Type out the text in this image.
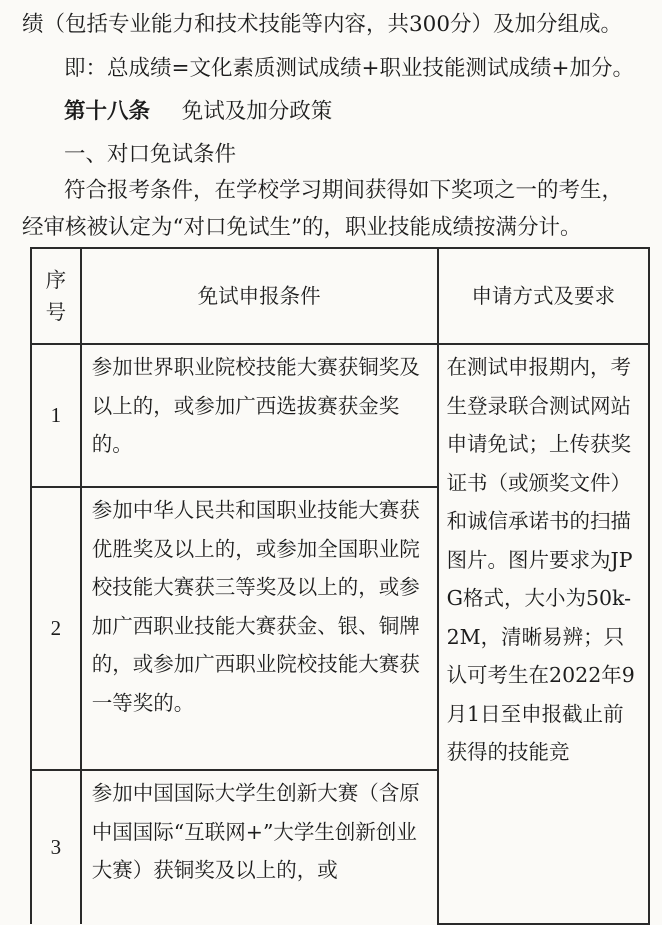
绩（包括专业能力和技术技能等内容，共300分）及加分组成。
即：总成绩=文化素质测试成绩+职业技能测试成绩+加分。
第十八条 免试及加分政策
一、对口免试条件
符合报考条件，在学校学习期间获得如下奖项之一的考生，
经审核被认定为“对口免试生”的，职业技能成绩按满分计。
序号	免试申报条件	申请方式及要求
1	参加世界职业院校技能大赛获铜奖及以上的，或参加广西选拔赛获金奖的。	在测试申报期内，考生登录联合测试网站申请免试；上传获奖证书（或颁奖文件）和诚信承诺书的扫描图片。图片要求为JPG格式，大小为50k-2M，清晰易辨；只认可考生在2022年9月1日至申报截止前获得的技能竞

2	参加中华人民共和国职业技能大赛获优胜奖及以上的，或参加全国职业院校技能大赛获三等奖及以上的，或参加广西职业技能大赛获金、银、铜牌的，或参加广西职业院校技能大赛获一等奖的。	

3	参加中国国际大学生创新大赛（含原中国国际“互联网+”大学生创新创业大赛）获铜奖及以上的，或	
